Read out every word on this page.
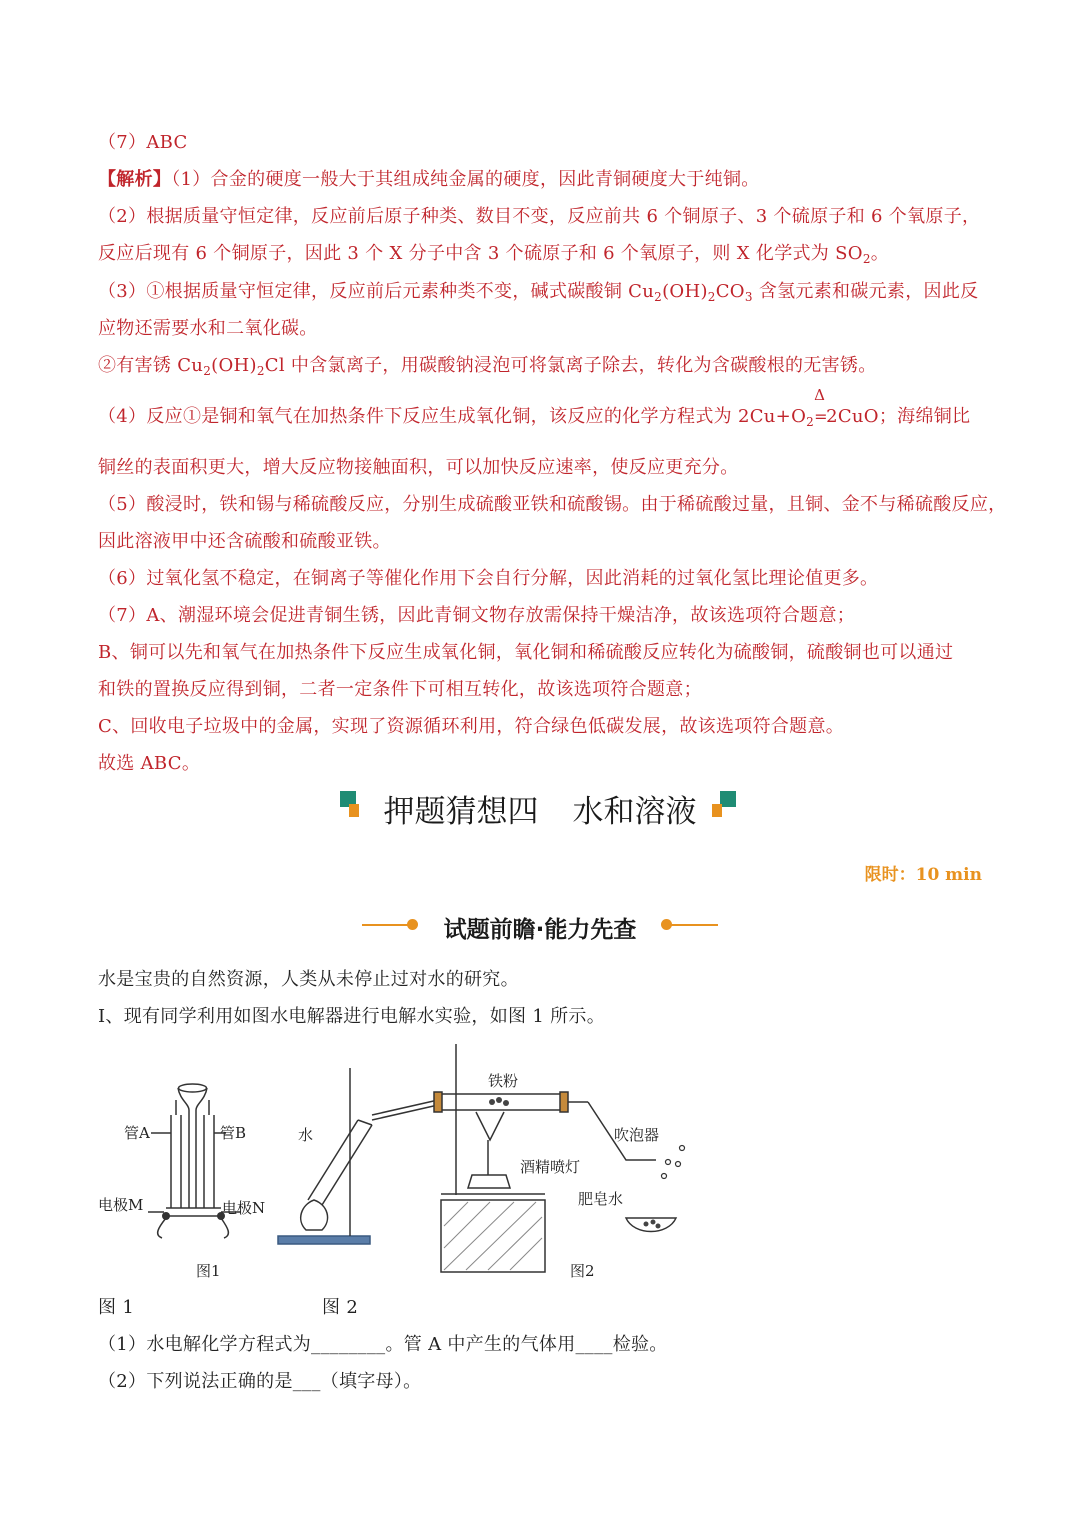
（7）ABC
【解析】（1）合金的硬度一般大于其组成纯金属的硬度，因此青铜硬度大于纯铜。
（2）根据质量守恒定律，反应前后原子种类、数目不变，反应前共 6 个铜原子、3 个硫原子和 6 个氧原子，
反应后现有 6 个铜原子，因此 3 个 X 分子中含 3 个硫原子和 6 个氧原子，则 X 化学式为 $SO_2$。
（3）①根据质量守恒定律，反应前后元素种类不变，碱式碳酸铜 $Cu_2(OH)_2CO_3$ 含氢元素和碳元素，因此反
应物还需要水和二氧化碳。
②有害锈 $Cu_2(OH)_2Cl$ 中含氯离子，用碳酸钠浸泡可将氯离子除去，转化为含碳酸根的无害锈。
（4）反应①是铜和氧气在加热条件下反应生成氧化铜，该反应的化学方程式为 $2Cu+O_2$
Δ
=2CuO；海绵铜比
铜丝的表面积更大，增大反应物接触面积，可以加快反应速率，使反应更充分。
（5）酸浸时，铁和锡与稀硫酸反应，分别生成硫酸亚铁和硫酸锡。由于稀硫酸过量，且铜、金不与稀硫酸反应，
因此溶液甲中还含硫酸和硫酸亚铁。
（6）过氧化氢不稳定，在铜离子等催化作用下会自行分解，因此消耗的过氧化氢比理论值更多。
（7）A、潮湿环境会促进青铜生锈，因此青铜文物存放需保持干燥洁净，故该选项符合题意；
B、铜可以先和氧气在加热条件下反应生成氧化铜，氧化铜和稀硫酸反应转化为硫酸铜，硫酸铜也可以通过
和铁的置换反应得到铜，二者一定条件下可相互转化，故该选项符合题意；
C、回收电子垃圾中的金属，实现了资源循环利用，符合绿色低碳发展，故该选项符合题意。
故选 ABC。
押题猜想四 水和溶液
限时：10 min
试题前瞻·能力先查
水是宝贵的自然资源，人类从未停止过对水的研究。
I、现有同学利用如图水电解器进行电解水实验，如图 1 所示。
管A	管B
电极M	电极N
图1
水
铁粉
吹泡器
酒精喷灯
肥皂水
图2
图 1	图 2
（1）水电解化学方程式为________。管 A 中产生的气体用____检验。
（2）下列说法正确的是___（填字母）。
